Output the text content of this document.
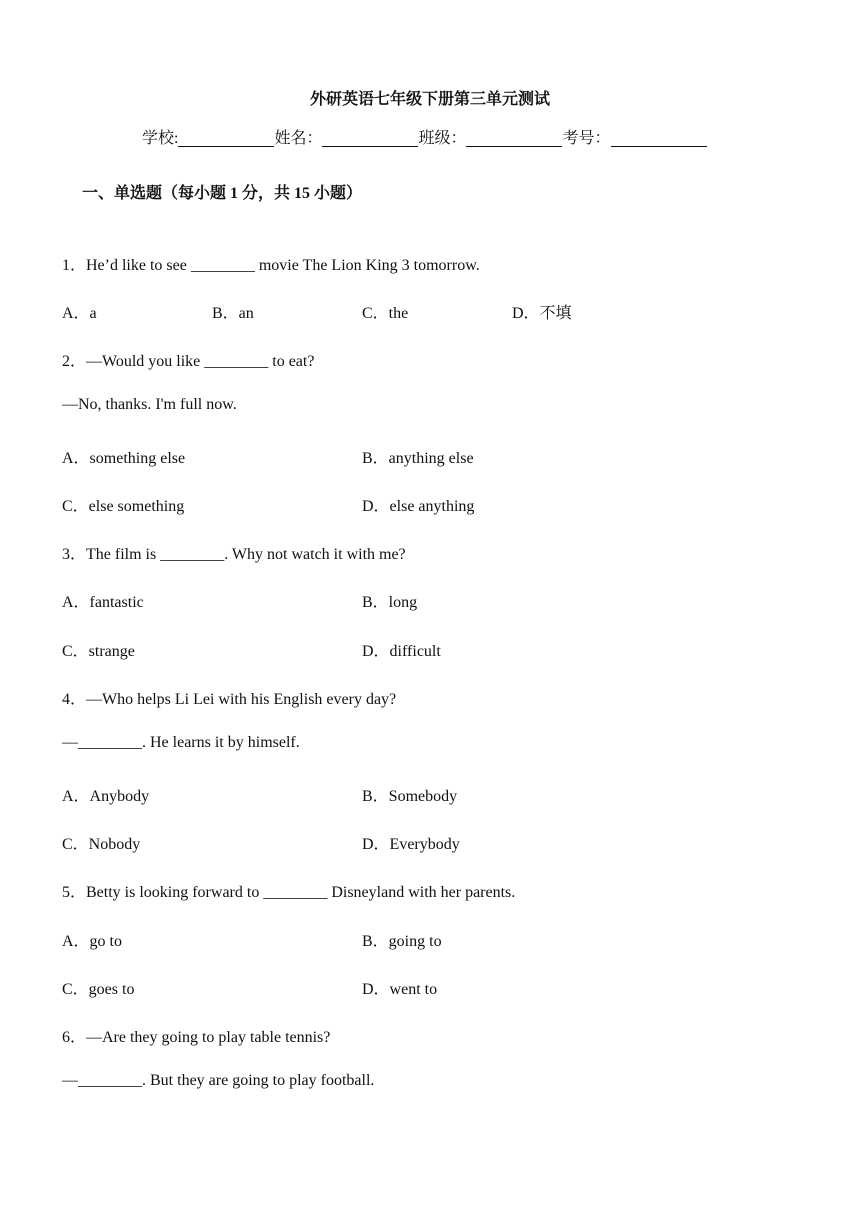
外研英语七年级下册第三单元测试
学校:	姓名：	班级：	考号：
一、单选题（每小题 1 分，共 15 小题）
1．He’d like to see ________ movie The Lion King 3 tomorrow.
A．a	B．an	C．the	D．不填
2．—Would you like ________ to eat?
—No, thanks. I'm full now.
A．something else	B．anything else
C．else something	D．else anything
3．The film is ________. Why not watch it with me?
A．fantastic	B．long
C．strange	D．difficult
4．—Who helps Li Lei with his English every day?
—________. He learns it by himself.
A．Anybody	B．Somebody
C．Nobody	D．Everybody
5．Betty is looking forward to ________ Disneyland with her parents.
A．go to	B．going to
C．goes to	D．went to
6．—Are they going to play table tennis?
—________. But they are going to play football.
